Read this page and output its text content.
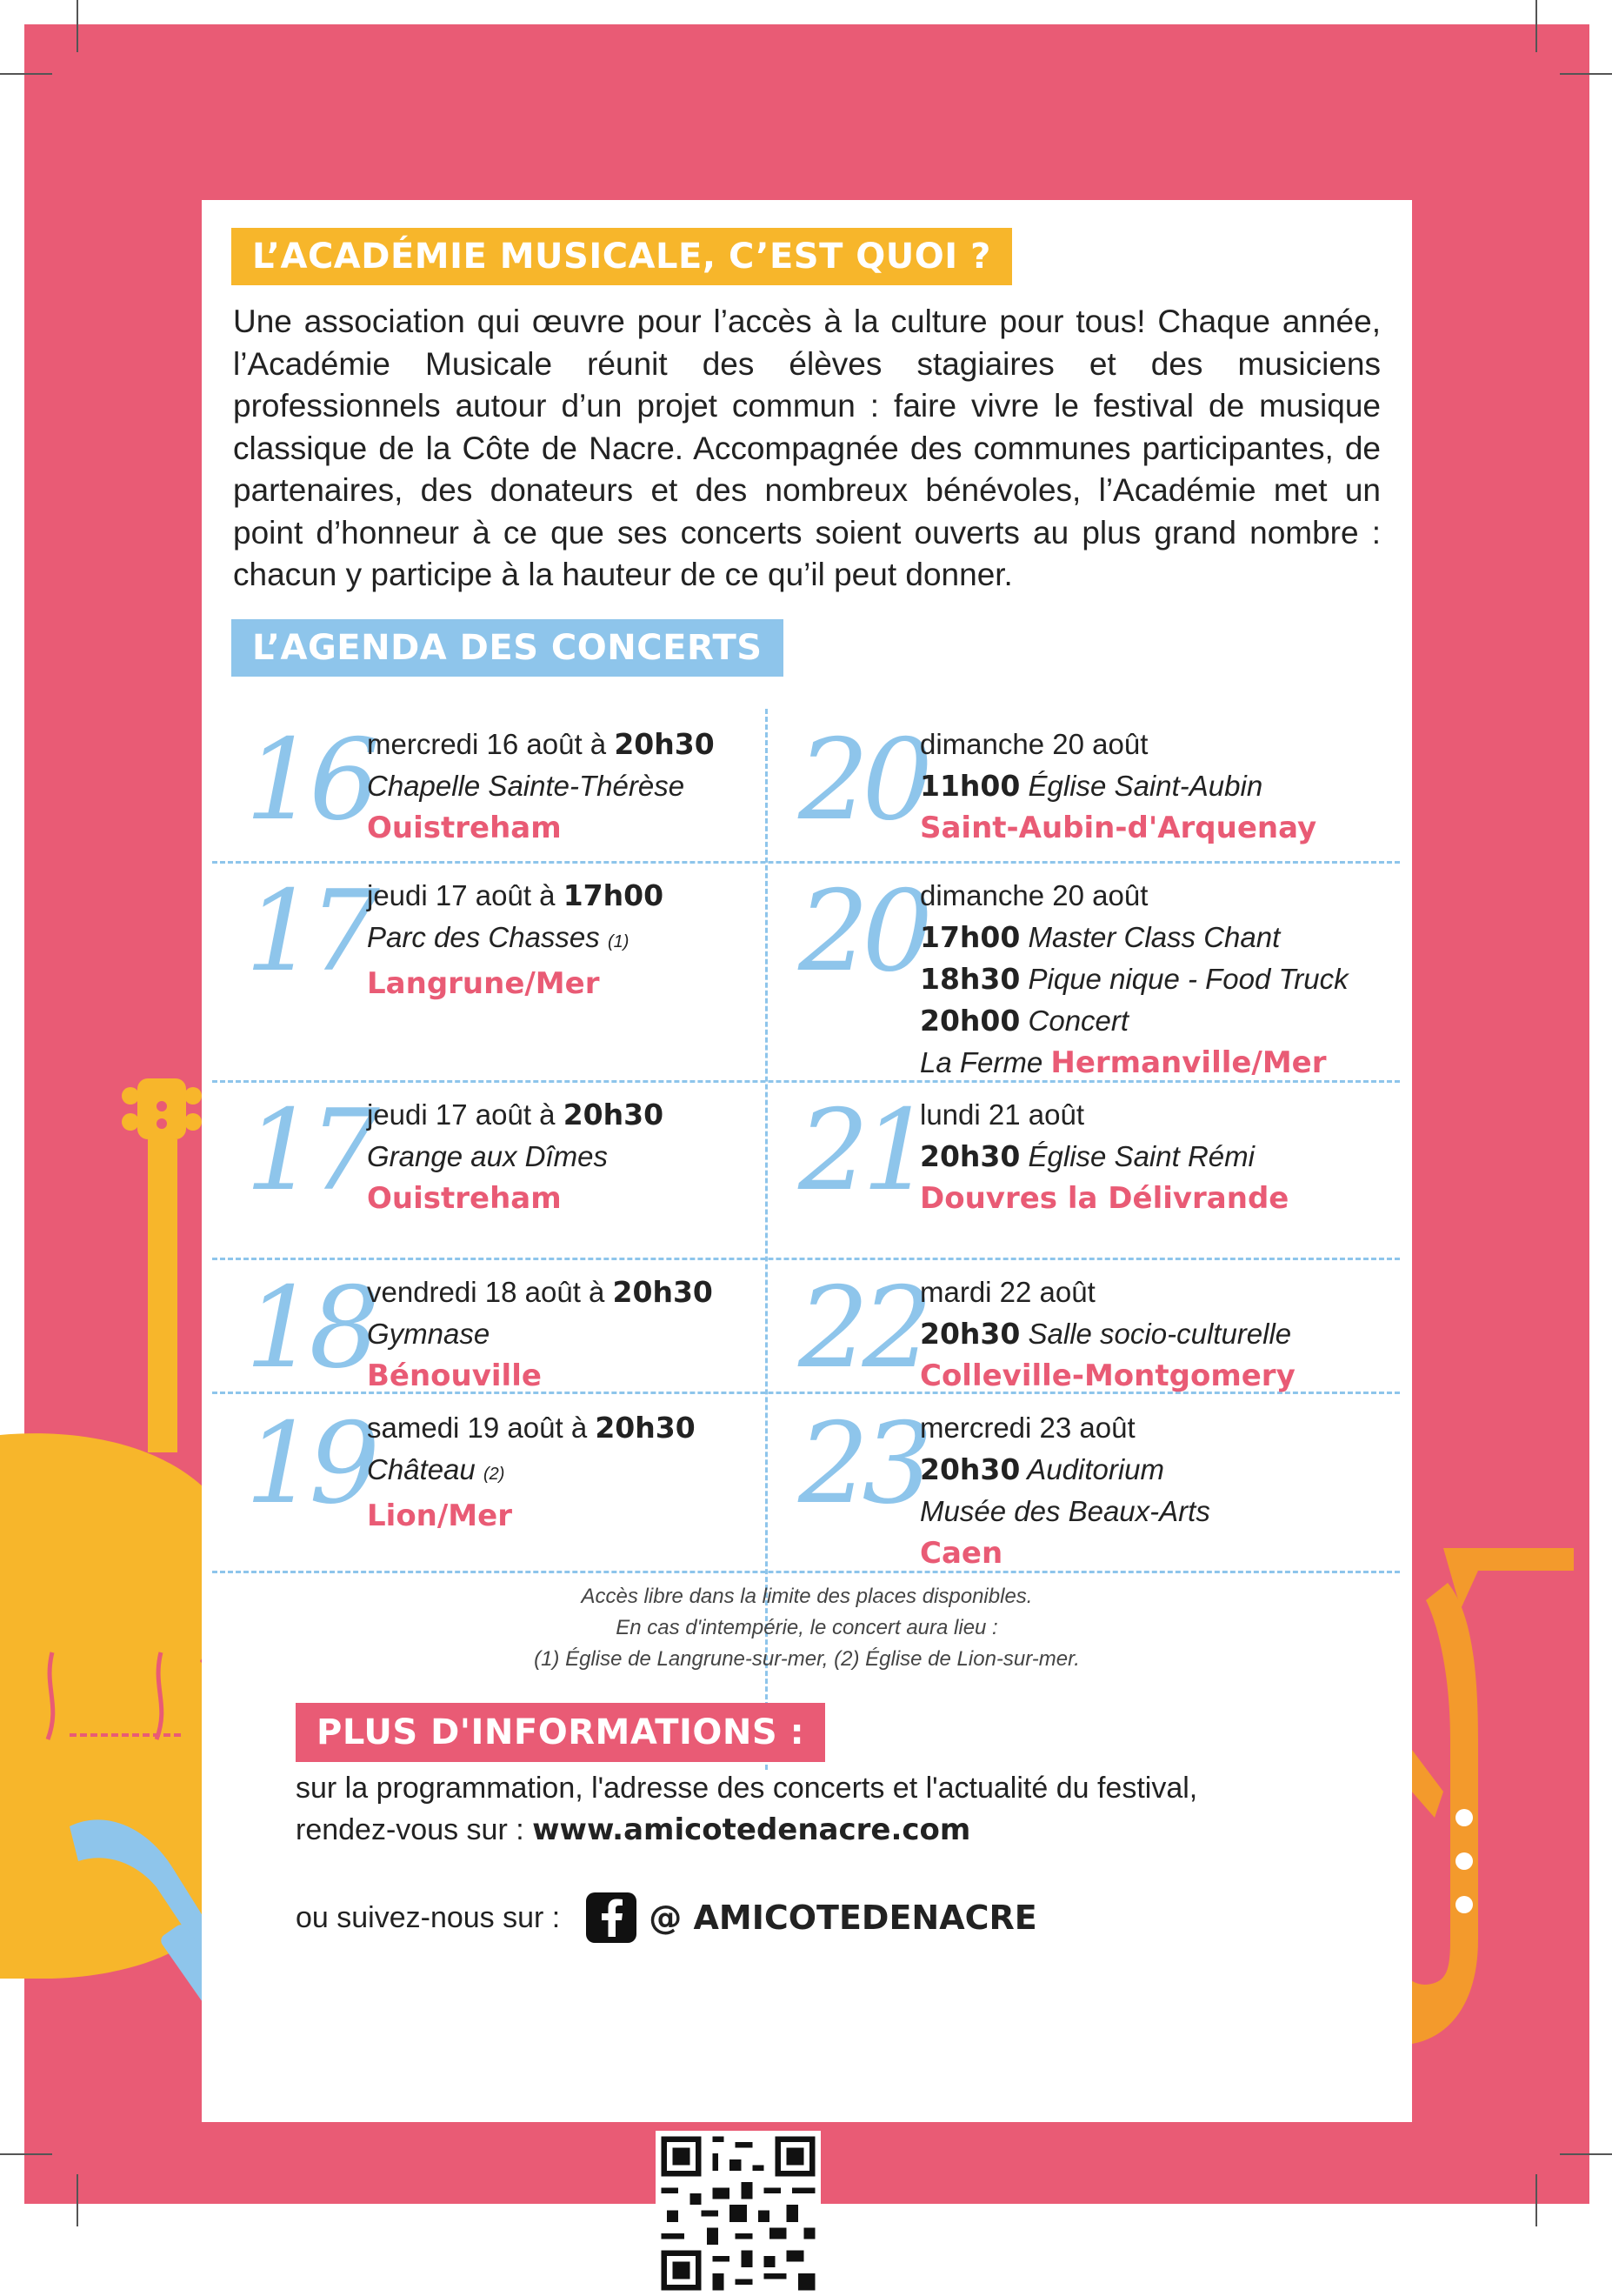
L’ACADÉMIE MUSICALE, C’EST QUOI ?

Une association qui œuvre pour l’accès à la culture pour tous! Chaque année, l’Académie Musicale réunit des élèves stagiaires et des musiciens professionnels autour d’un projet commun : faire vivre le festival de musique classique de la Côte de Nacre. Accompagnée des communes participantes, de partenaires, des donateurs et des nombreux bénévoles, l’Académie met un point d’honneur à ce que ses concerts soient ouverts au plus grand nombre : chacun y participe à la hauteur de ce qu’il peut donner.

L’AGENDA DES CONCERTS
16
mercredi 16 août à 20h30
Chapelle Sainte-Thérèse
Ouistreham
17
jeudi 17 août à 17h00
Parc des Chasses (1)
Langrune/Mer
17
jeudi 17 août à 20h30
Grange aux Dîmes
Ouistreham
18
vendredi 18 août à 20h30
Gymnase
Bénouville
19
samedi 19 août à 20h30
Château (2)
Lion/Mer
20
dimanche 20 août
11h00 Église Saint-Aubin
Saint-Aubin-d'Arquenay
20
dimanche 20 août
17h00 Master Class Chant
18h30 Pique nique - Food Truck
20h00 Concert
La Ferme Hermanville/Mer
21
lundi 21 août
20h30 Église Saint Rémi
Douvres la Délivrande
22
mardi 22 août
20h30 Salle socio-culturelle
Colleville-Montgomery
23
mercredi 23 août
20h30 Auditorium
Musée des Beaux-Arts
Caen
Accès libre dans la limite des places disponibles.
En cas d'intempérie, le concert aura lieu :
(1) Église de Langrune-sur-mer, (2) Église de Lion-sur-mer.
PLUS D'INFORMATIONS :
sur la programmation, l'adresse des concerts et l'actualité du festival,
rendez-vous sur : www.amicotedenacre.com
ou suivez-nous sur :	@ AMICOTEDENACRE
